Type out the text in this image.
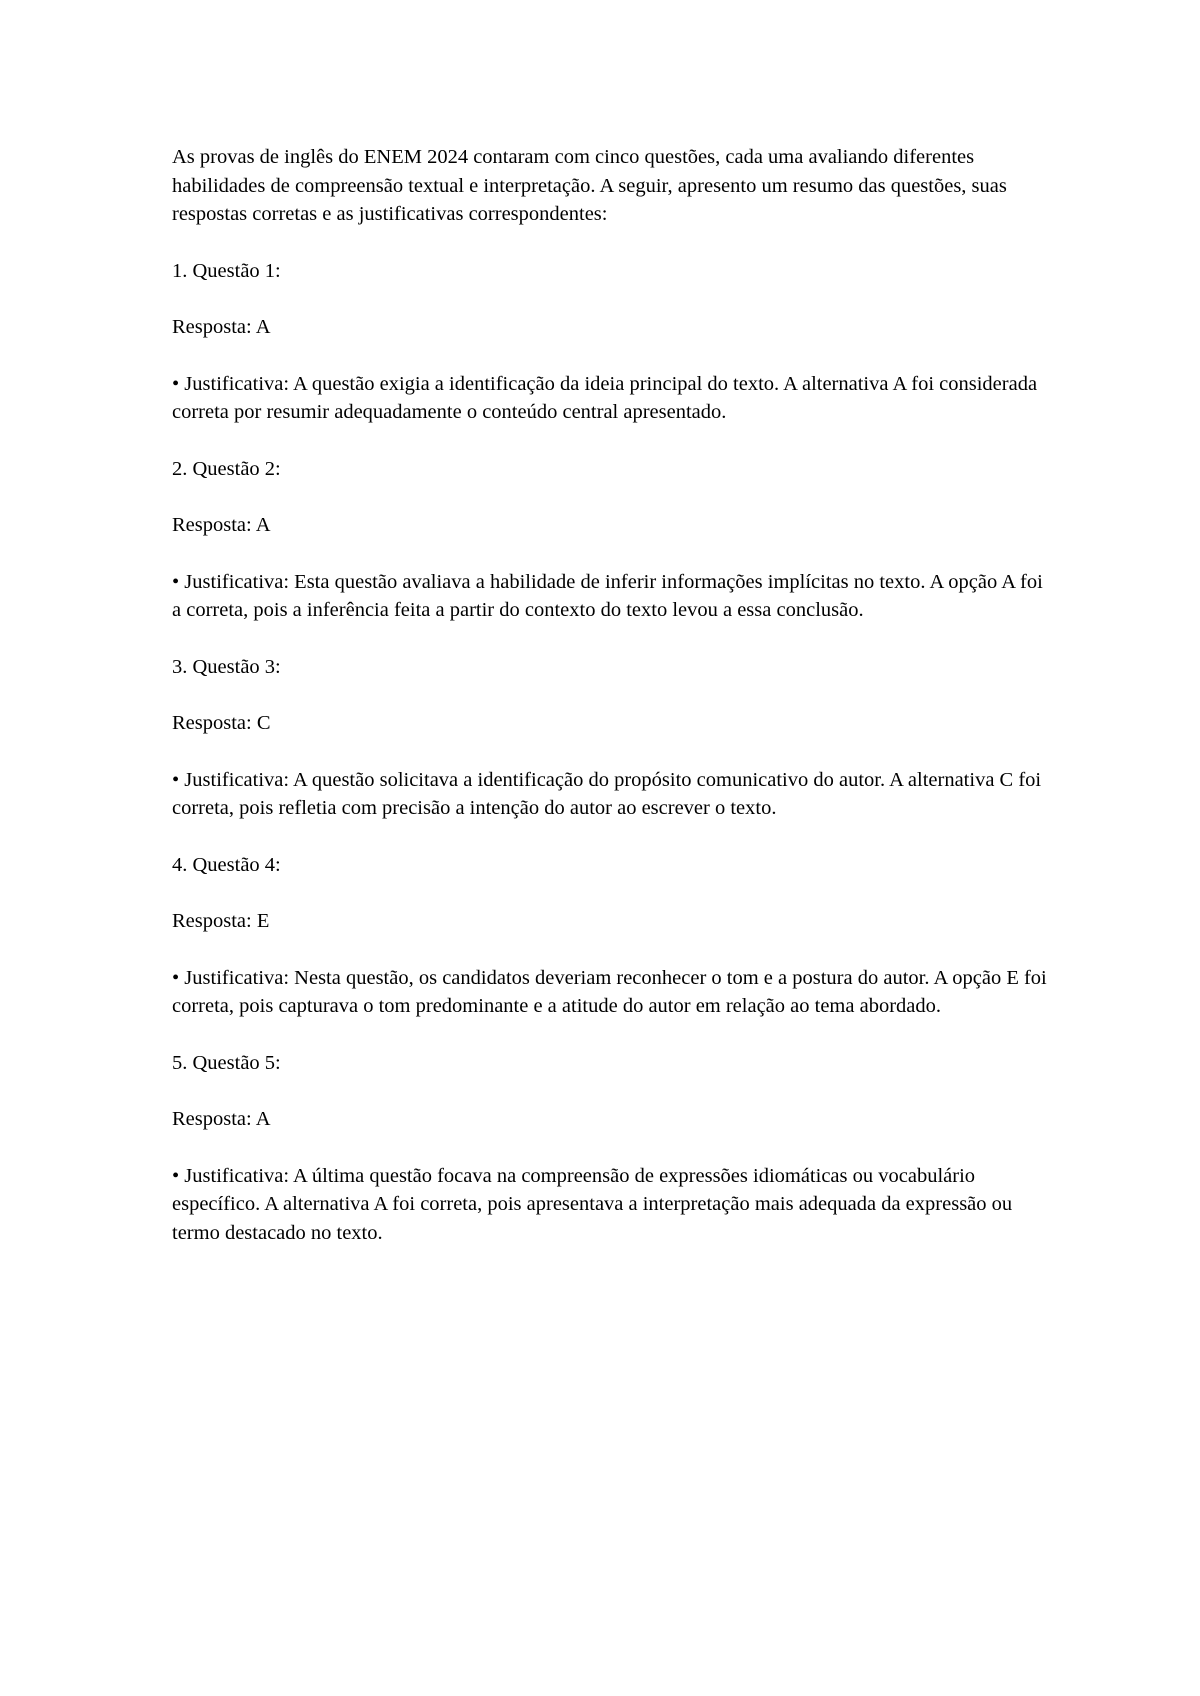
As provas de inglês do ENEM 2024 contaram com cinco questões, cada uma avaliando diferentes habilidades de compreensão textual e interpretação. A seguir, apresento um resumo das questões, suas respostas corretas e as justificativas correspondentes:

1. Questão 1:

Resposta: A

• Justificativa: A questão exigia a identificação da ideia principal do texto. A alternativa A foi considerada correta por resumir adequadamente o conteúdo central apresentado.

2. Questão 2:

Resposta: A

• Justificativa: Esta questão avaliava a habilidade de inferir informações implícitas no texto. A opção A foi a correta, pois a inferência feita a partir do contexto do texto levou a essa conclusão.

3. Questão 3:

Resposta: C

• Justificativa: A questão solicitava a identificação do propósito comunicativo do autor. A alternativa C foi correta, pois refletia com precisão a intenção do autor ao escrever o texto.

4. Questão 4:

Resposta: E

• Justificativa: Nesta questão, os candidatos deveriam reconhecer o tom e a postura do autor. A opção E foi correta, pois capturava o tom predominante e a atitude do autor em relação ao tema abordado.

5. Questão 5:

Resposta: A

• Justificativa: A última questão focava na compreensão de expressões idiomáticas ou vocabulário específico. A alternativa A foi correta, pois apresentava a interpretação mais adequada da expressão ou termo destacado no texto.
